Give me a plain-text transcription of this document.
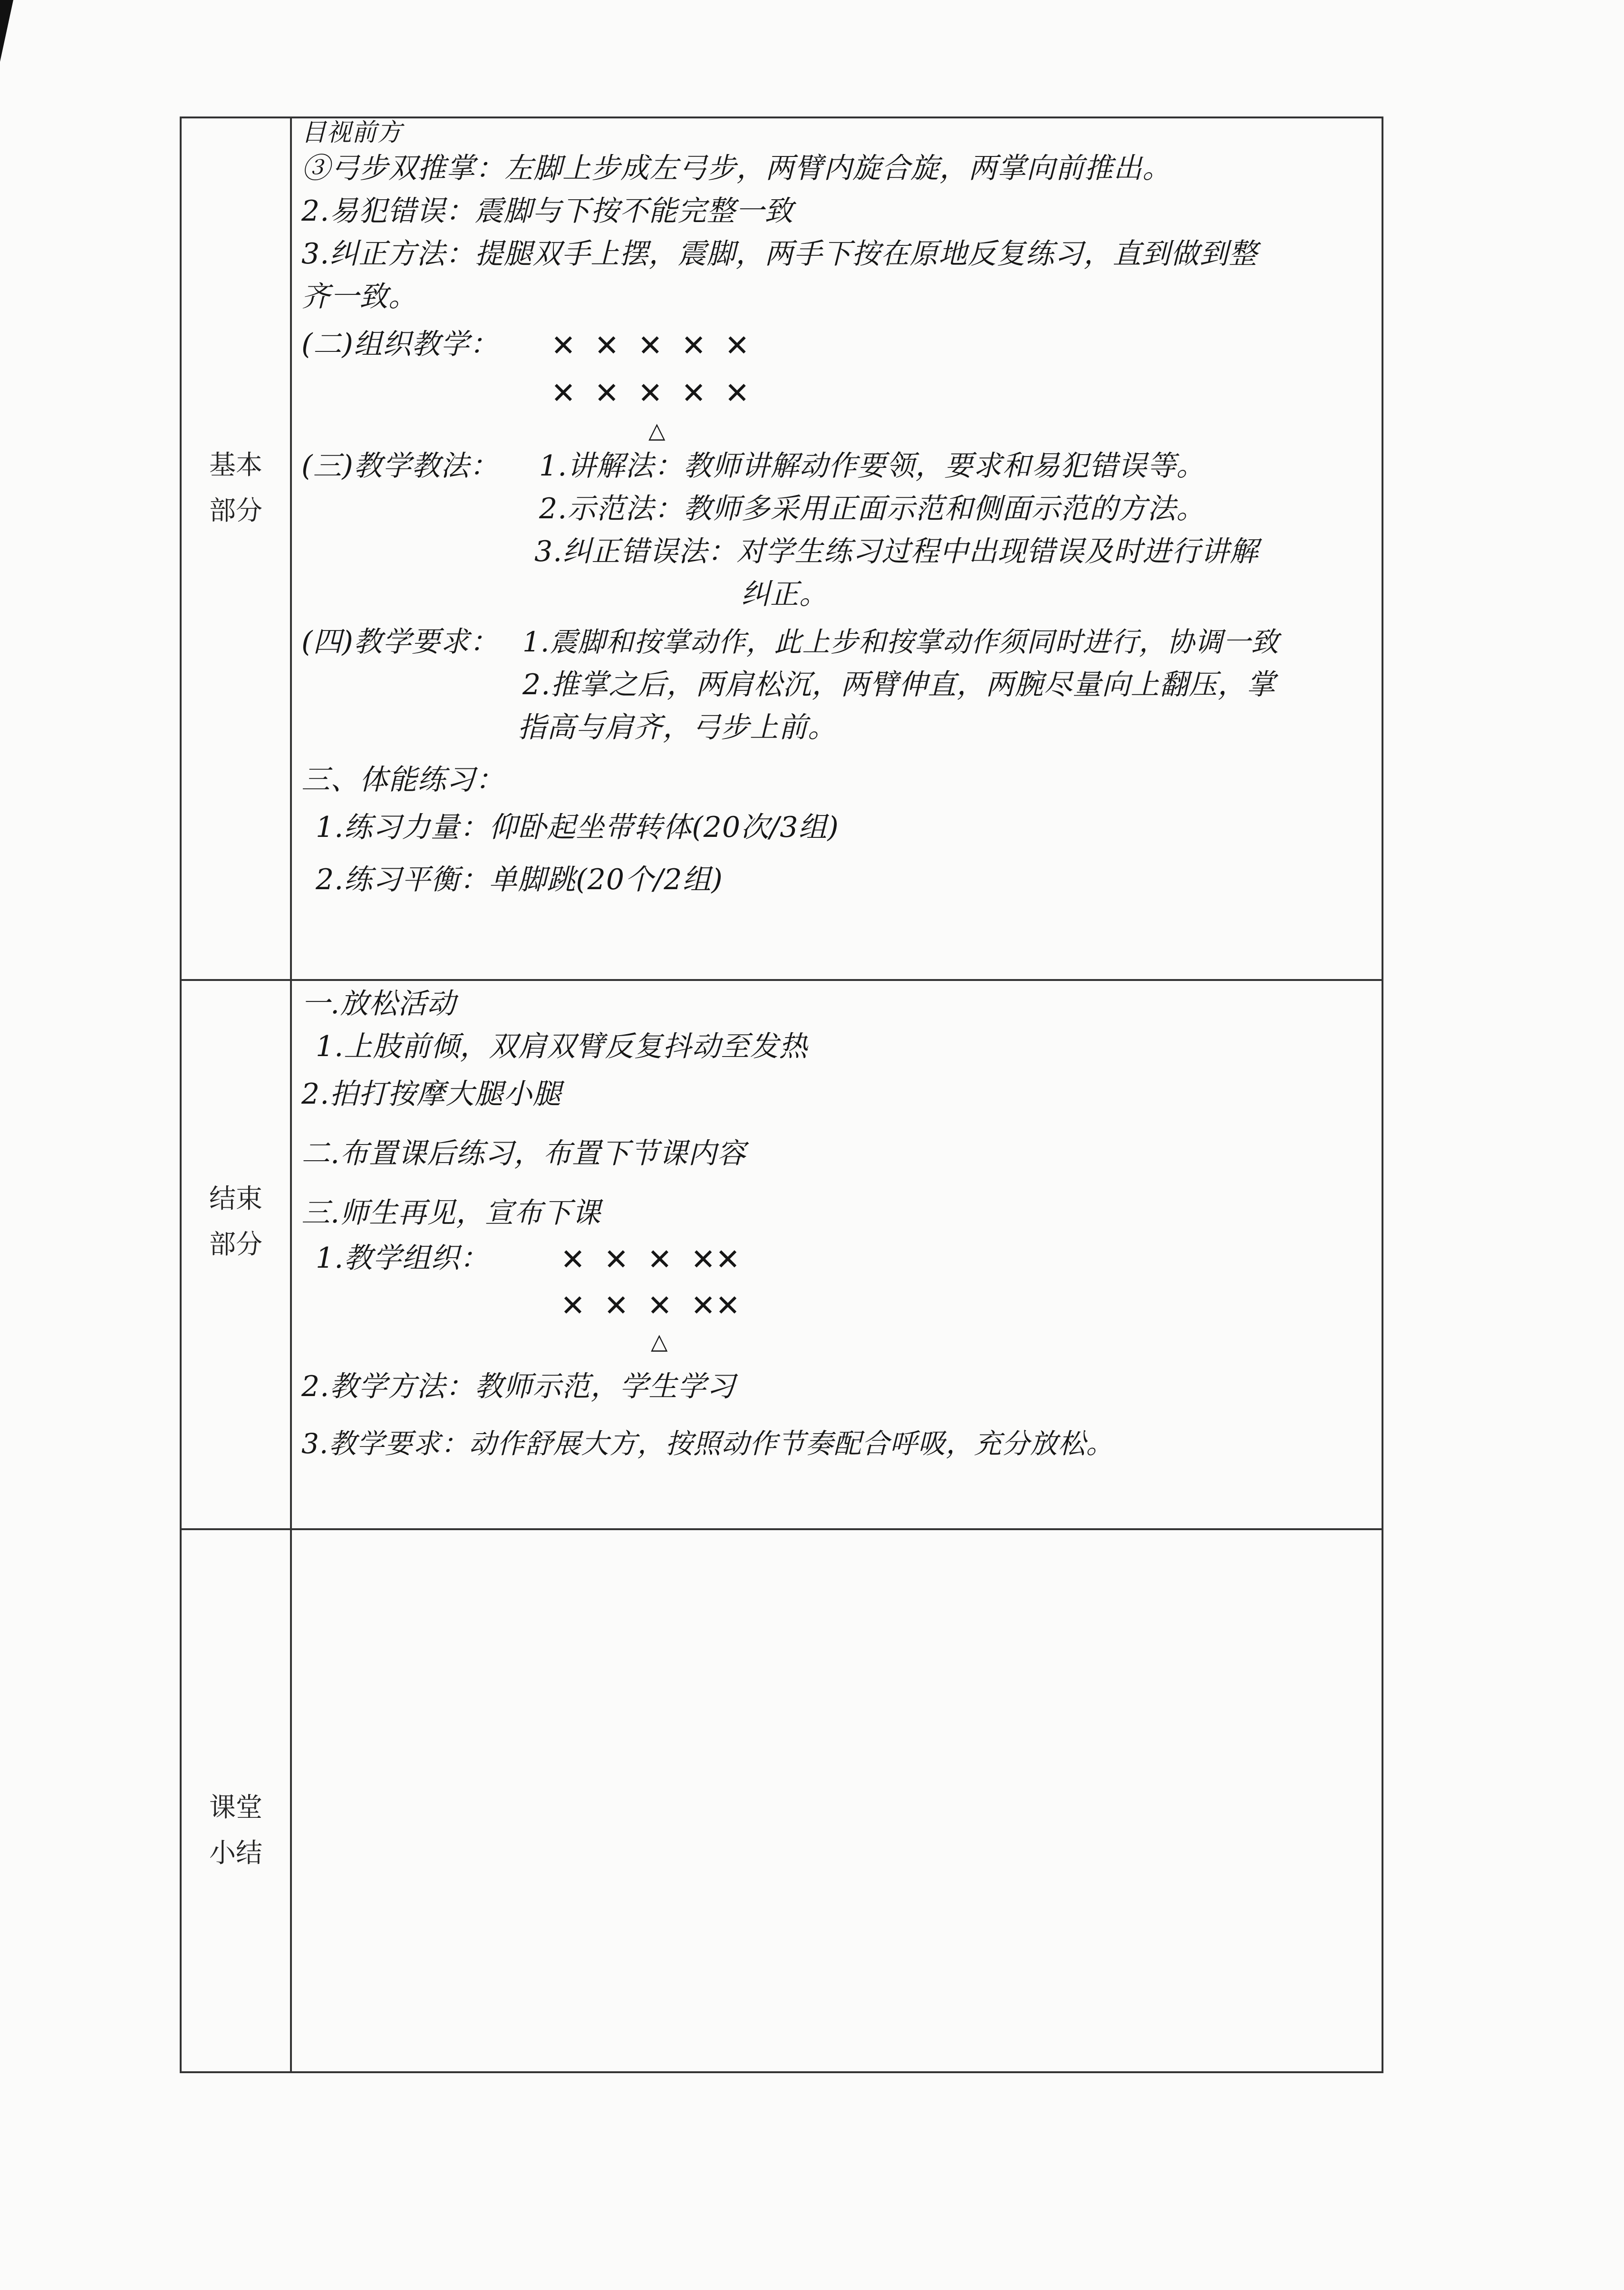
基本
部分
结束
部分
课堂
小结
目视前方
③弓步双推掌：左脚上步成左弓步，两臂内旋合旋，两掌向前推出。
2.易犯错误：震脚与下按不能完整一致
3.纠正方法：提腿双手上摆，震脚，两手下按在原地反复练习，直到做到整
齐一致。
(二)组织教学： ✕  ✕  ✕  ✕  ✕
✕  ✕  ✕  ✕  ✕
△
(三)教学教法：	1.讲解法：教师讲解动作要领，要求和易犯错误等。
2.示范法：教师多采用正面示范和侧面示范的方法。
3.纠正错误法：对学生练习过程中出现错误及时进行讲解
纠正。
(四)教学要求： 1.震脚和按掌动作，此上步和按掌动作须同时进行，协调一致
2.推掌之后，两肩松沉，两臂伸直，两腕尽量向上翻压，掌
指高与肩齐，弓步上前。
三、体能练习：
1.练习力量：仰卧起坐带转体(20次/3组)
2.练习平衡：单脚跳(20个/2组)
一.放松活动
1.上肢前倾，双肩双臂反复抖动至发热
2.拍打按摩大腿小腿
二.布置课后练习，布置下节课内容
三.师生再见，宣布下课
1.教学组织： ✕  ✕  ✕  ✕✕
✕  ✕  ✕  ✕✕
△
2.教学方法：教师示范，学生学习
3.教学要求：动作舒展大方，按照动作节奏配合呼吸，充分放松。
